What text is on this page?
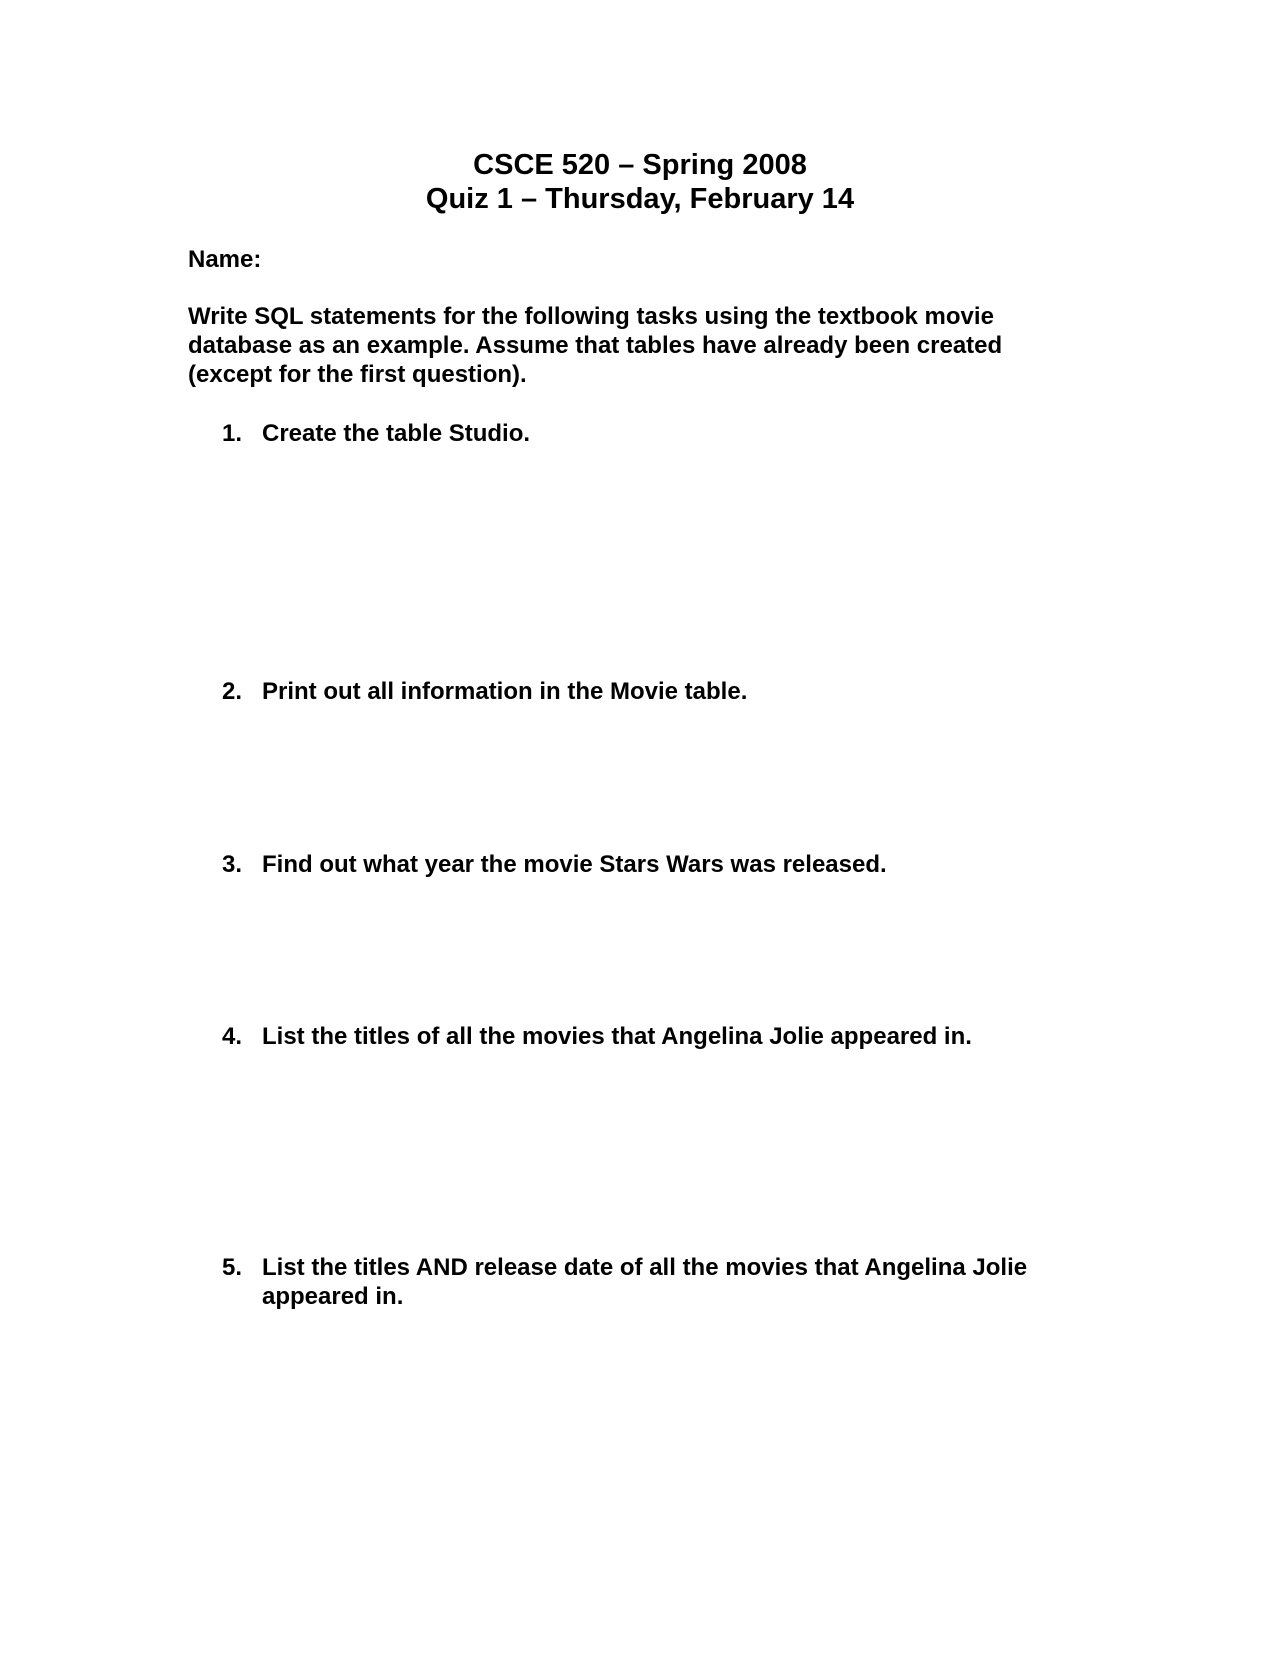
CSCE 520 – Spring 2008
Quiz 1 – Thursday, February 14
Name:
Write SQL statements for the following tasks using the textbook movie database as an example. Assume that tables have already been created (except for the first question).
1. Create the table Studio.
2. Print out all information in the Movie table.
3. Find out what year the movie Stars Wars was released.
4. List the titles of all the movies that Angelina Jolie appeared in.
5. List the titles AND release date of all the movies that Angelina Jolie appeared in.
